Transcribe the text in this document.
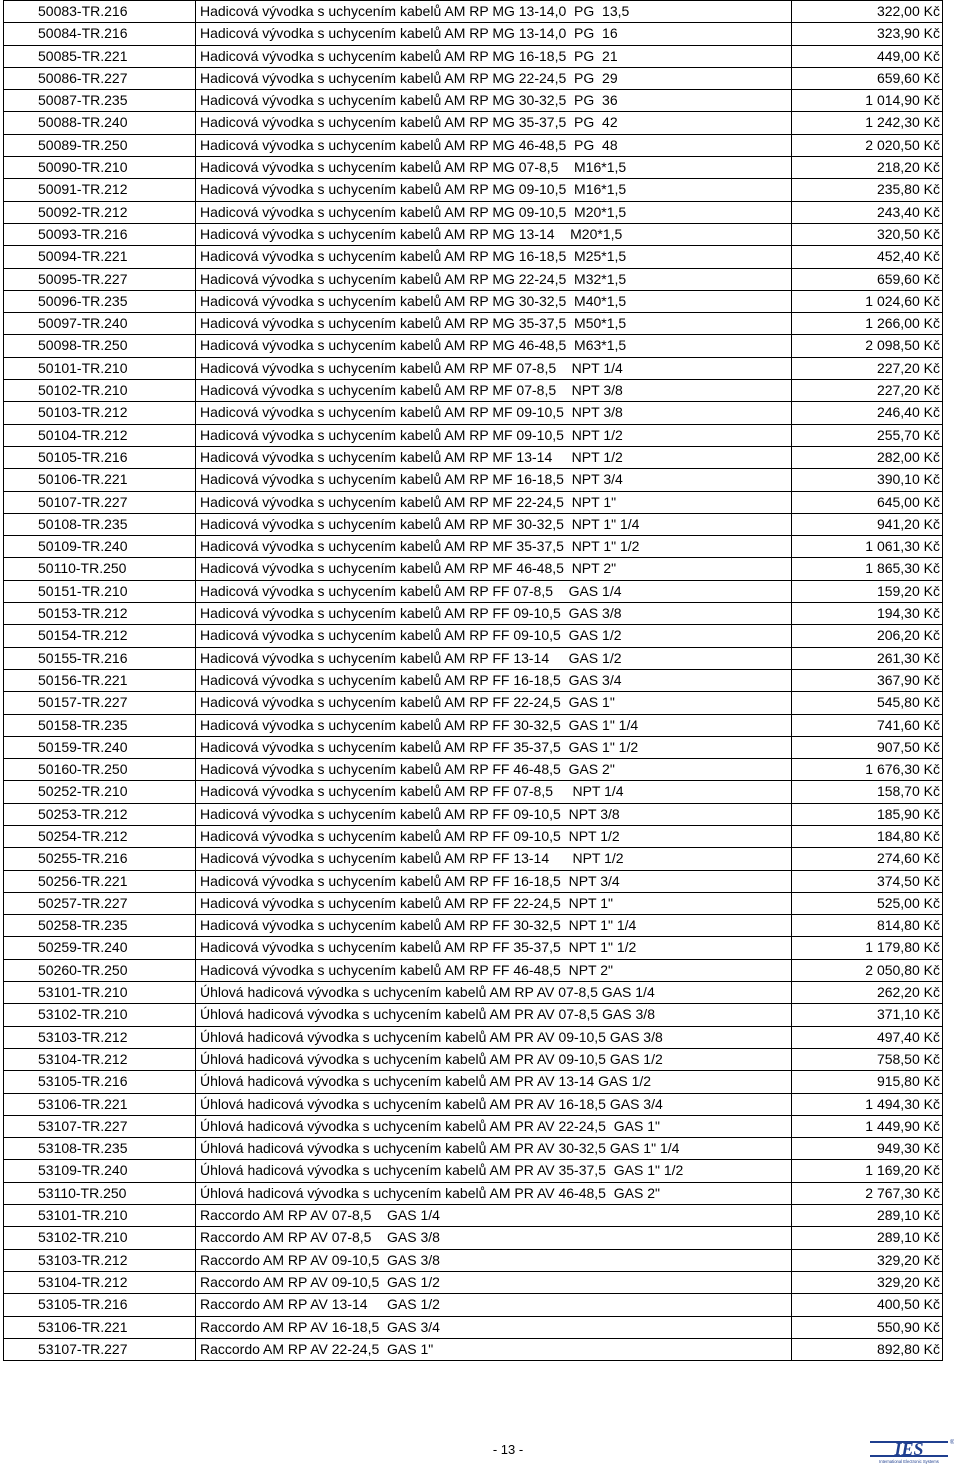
50083-TR.216	Hadicová vývodka s uchycením kabelů AM RP MG 13-14,0  PG  13,5	322,00 Kč
50084-TR.216	Hadicová vývodka s uchycením kabelů AM RP MG 13-14,0  PG  16	323,90 Kč
50085-TR.221	Hadicová vývodka s uchycením kabelů AM RP MG 16-18,5  PG  21	449,00 Kč
50086-TR.227	Hadicová vývodka s uchycením kabelů AM RP MG 22-24,5  PG  29	659,60 Kč
50087-TR.235	Hadicová vývodka s uchycením kabelů AM RP MG 30-32,5  PG  36	1 014,90 Kč
50088-TR.240	Hadicová vývodka s uchycením kabelů AM RP MG 35-37,5  PG  42	1 242,30 Kč
50089-TR.250	Hadicová vývodka s uchycením kabelů AM RP MG 46-48,5  PG  48	2 020,50 Kč
50090-TR.210	Hadicová vývodka s uchycením kabelů AM RP MG 07-8,5    M16*1,5	218,20 Kč
50091-TR.212	Hadicová vývodka s uchycením kabelů AM RP MG 09-10,5  M16*1,5	235,80 Kč
50092-TR.212	Hadicová vývodka s uchycením kabelů AM RP MG 09-10,5  M20*1,5	243,40 Kč
50093-TR.216	Hadicová vývodka s uchycením kabelů AM RP MG 13-14    M20*1,5	320,50 Kč
50094-TR.221	Hadicová vývodka s uchycením kabelů AM RP MG 16-18,5  M25*1,5	452,40 Kč
50095-TR.227	Hadicová vývodka s uchycením kabelů AM RP MG 22-24,5  M32*1,5	659,60 Kč
50096-TR.235	Hadicová vývodka s uchycením kabelů AM RP MG 30-32,5  M40*1,5	1 024,60 Kč
50097-TR.240	Hadicová vývodka s uchycením kabelů AM RP MG 35-37,5  M50*1,5	1 266,00 Kč
50098-TR.250	Hadicová vývodka s uchycením kabelů AM RP MG 46-48,5  M63*1,5	2 098,50 Kč
50101-TR.210	Hadicová vývodka s uchycením kabelů AM RP MF 07-8,5    NPT 1/4	227,20 Kč
50102-TR.210	Hadicová vývodka s uchycením kabelů AM RP MF 07-8,5    NPT 3/8	227,20 Kč
50103-TR.212	Hadicová vývodka s uchycením kabelů AM RP MF 09-10,5  NPT 3/8	246,40 Kč
50104-TR.212	Hadicová vývodka s uchycením kabelů AM RP MF 09-10,5  NPT 1/2	255,70 Kč
50105-TR.216	Hadicová vývodka s uchycením kabelů AM RP MF 13-14     NPT 1/2	282,00 Kč
50106-TR.221	Hadicová vývodka s uchycením kabelů AM RP MF 16-18,5  NPT 3/4	390,10 Kč
50107-TR.227	Hadicová vývodka s uchycením kabelů AM RP MF 22-24,5  NPT 1"	645,00 Kč
50108-TR.235	Hadicová vývodka s uchycením kabelů AM RP MF 30-32,5  NPT 1" 1/4	941,20 Kč
50109-TR.240	Hadicová vývodka s uchycením kabelů AM RP MF 35-37,5  NPT 1" 1/2	1 061,30 Kč
50110-TR.250	Hadicová vývodka s uchycením kabelů AM RP MF 46-48,5  NPT 2"	1 865,30 Kč
50151-TR.210	Hadicová vývodka s uchycením kabelů AM RP FF 07-8,5    GAS 1/4	159,20 Kč
50153-TR.212	Hadicová vývodka s uchycením kabelů AM RP FF 09-10,5  GAS 3/8	194,30 Kč
50154-TR.212	Hadicová vývodka s uchycením kabelů AM RP FF 09-10,5  GAS 1/2	206,20 Kč
50155-TR.216	Hadicová vývodka s uchycením kabelů AM RP FF 13-14     GAS 1/2	261,30 Kč
50156-TR.221	Hadicová vývodka s uchycením kabelů AM RP FF 16-18,5  GAS 3/4	367,90 Kč
50157-TR.227	Hadicová vývodka s uchycením kabelů AM RP FF 22-24,5  GAS 1"	545,80 Kč
50158-TR.235	Hadicová vývodka s uchycením kabelů AM RP FF 30-32,5  GAS 1" 1/4	741,60 Kč
50159-TR.240	Hadicová vývodka s uchycením kabelů AM RP FF 35-37,5  GAS 1" 1/2	907,50 Kč
50160-TR.250	Hadicová vývodka s uchycením kabelů AM RP FF 46-48,5  GAS 2"	1 676,30 Kč
50252-TR.210	Hadicová vývodka s uchycením kabelů AM RP FF 07-8,5     NPT 1/4	158,70 Kč
50253-TR.212	Hadicová vývodka s uchycením kabelů AM RP FF 09-10,5  NPT 3/8	185,90 Kč
50254-TR.212	Hadicová vývodka s uchycením kabelů AM RP FF 09-10,5  NPT 1/2	184,80 Kč
50255-TR.216	Hadicová vývodka s uchycením kabelů AM RP FF 13-14      NPT 1/2	274,60 Kč
50256-TR.221	Hadicová vývodka s uchycením kabelů AM RP FF 16-18,5  NPT 3/4	374,50 Kč
50257-TR.227	Hadicová vývodka s uchycením kabelů AM RP FF 22-24,5  NPT 1"	525,00 Kč
50258-TR.235	Hadicová vývodka s uchycením kabelů AM RP FF 30-32,5  NPT 1" 1/4	814,80 Kč
50259-TR.240	Hadicová vývodka s uchycením kabelů AM RP FF 35-37,5  NPT 1" 1/2	1 179,80 Kč
50260-TR.250	Hadicová vývodka s uchycením kabelů AM RP FF 46-48,5  NPT 2"	2 050,80 Kč
53101-TR.210	Úhlová hadicová vývodka s uchycením kabelů AM RP AV 07-8,5 GAS 1/4	262,20 Kč
53102-TR.210	Úhlová hadicová vývodka s uchycením kabelů AM PR AV 07-8,5 GAS 3/8	371,10 Kč
53103-TR.212	Úhlová hadicová vývodka s uchycením kabelů AM PR AV 09-10,5 GAS 3/8	497,40 Kč
53104-TR.212	Úhlová hadicová vývodka s uchycením kabelů AM PR AV 09-10,5 GAS 1/2	758,50 Kč
53105-TR.216	Úhlová hadicová vývodka s uchycením kabelů AM PR AV 13-14 GAS 1/2	915,80 Kč
53106-TR.221	Úhlová hadicová vývodka s uchycením kabelů AM PR AV 16-18,5 GAS 3/4	1 494,30 Kč
53107-TR.227	Úhlová hadicová vývodka s uchycením kabelů AM PR AV 22-24,5  GAS 1"	1 449,90 Kč
53108-TR.235	Úhlová hadicová vývodka s uchycením kabelů AM PR AV 30-32,5 GAS 1" 1/4	949,30 Kč
53109-TR.240	Úhlová hadicová vývodka s uchycením kabelů AM PR AV 35-37,5  GAS 1" 1/2	1 169,20 Kč
53110-TR.250	Úhlová hadicová vývodka s uchycením kabelů AM PR AV 46-48,5  GAS 2"	2 767,30 Kč
53101-TR.210	Raccordo AM RP AV 07-8,5    GAS 1/4	289,10 Kč
53102-TR.210	Raccordo AM RP AV 07-8,5    GAS 3/8	289,10 Kč
53103-TR.212	Raccordo AM RP AV 09-10,5  GAS 3/8	329,20 Kč
53104-TR.212	Raccordo AM RP AV 09-10,5  GAS 1/2	329,20 Kč
53105-TR.216	Raccordo AM RP AV 13-14     GAS 1/2	400,50 Kč
53106-TR.221	Raccordo AM RP AV 16-18,5  GAS 3/4	550,90 Kč
53107-TR.227	Raccordo AM RP AV 22-24,5  GAS 1"	892,80 Kč
- 13 -	IES	®
International Electronic Systems
